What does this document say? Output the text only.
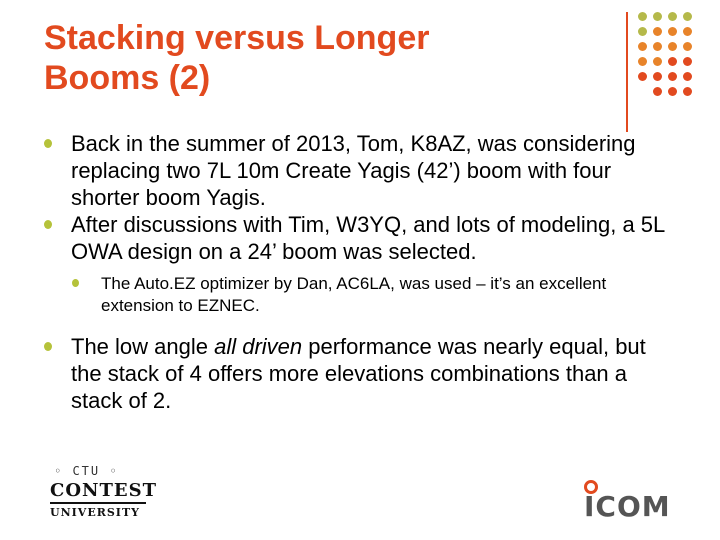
Stacking versus Longer
Booms (2)
Back in the summer of 2013, Tom, K8AZ, was considering replacing two 7L 10m Create Yagis (42’) boom with four shorter boom Yagis.
After discussions with Tim, W3YQ, and lots of modeling, a 5L OWA design on a 24’ boom was selected.
The Auto.EZ optimizer by Dan, AC6LA, was used – it’s an excellent extension to EZNEC.
The low angle all driven performance was nearly equal, but the stack of 4 offers more elevations combinations than a stack of 2.
◦ CTU ◦
CONTEST
UNIVERSITY	ICOM
